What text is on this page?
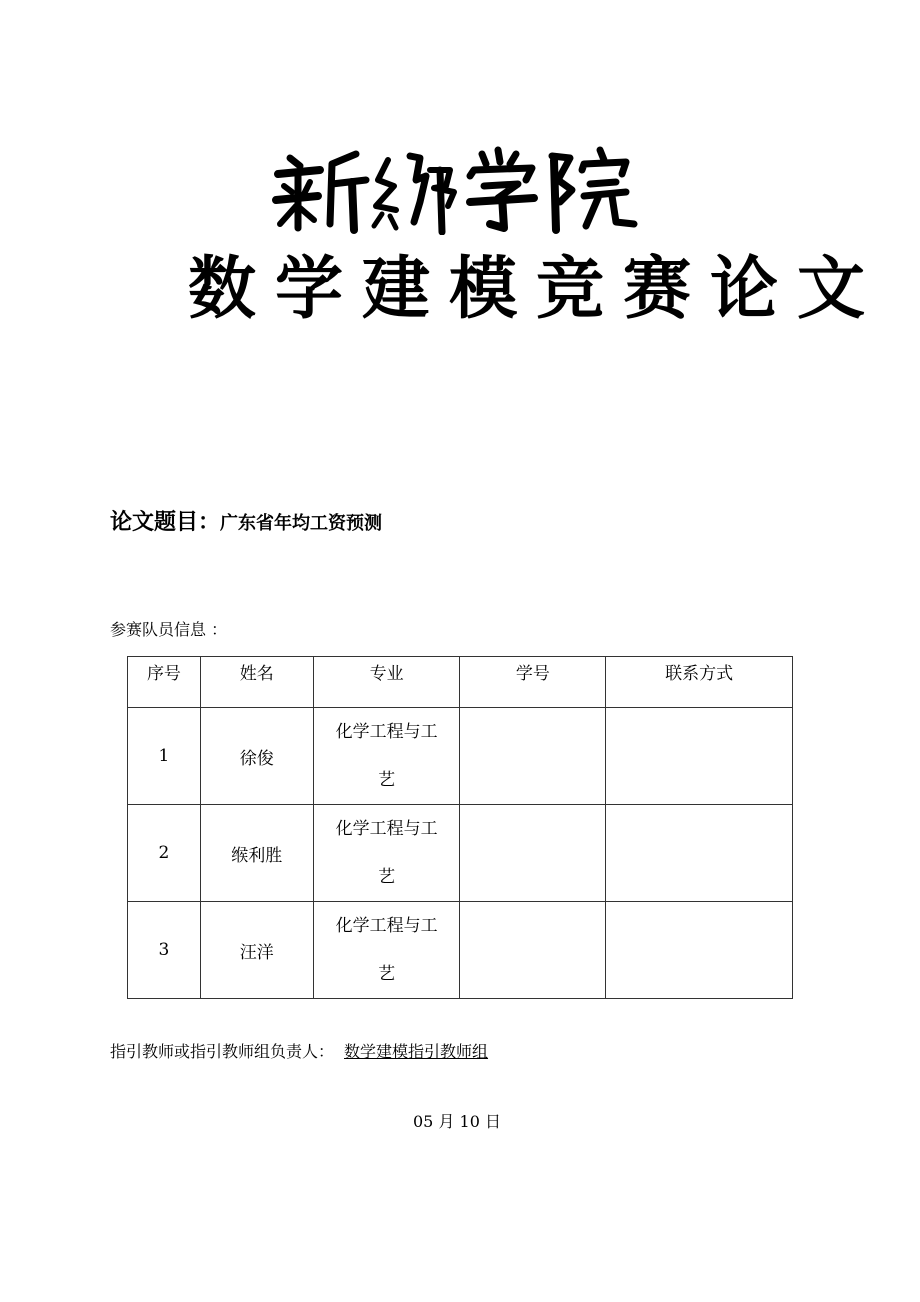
数学建模竞赛论文
论文题目：广东省年均工资预测
参赛队员信息 ：
序号	姓名	专业	学号	联系方式
1	徐俊	化学工程与工
艺		

2	缑利胜	化学工程与工
艺		

3	汪洋	化学工程与工
艺		

指引教师或指引教师组负责人： 数学建模指引教师组
05 月 10 日
